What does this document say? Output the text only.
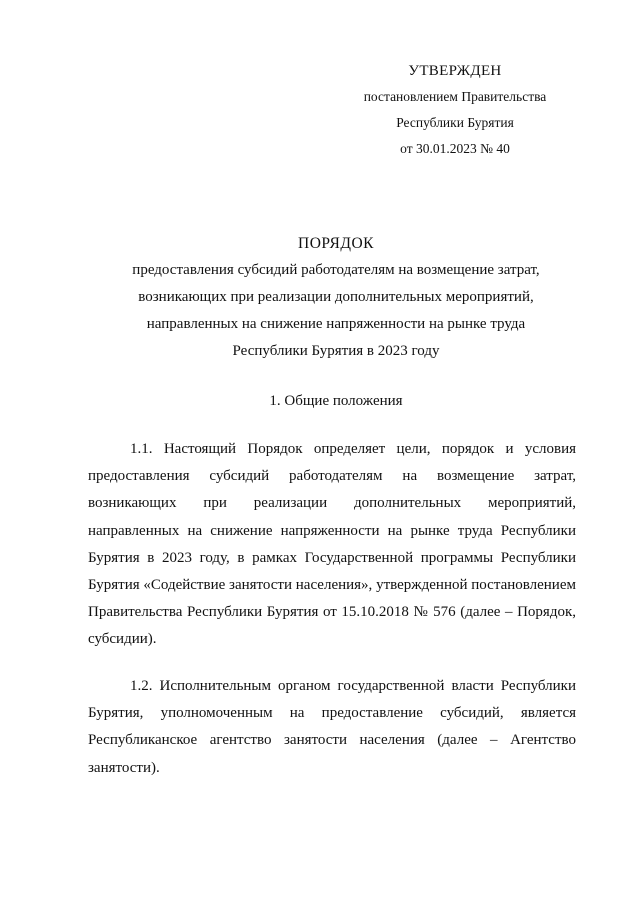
УТВЕРЖДЕН
постановлением Правительства
Республики Бурятия
от 30.01.2023 № 40
ПОРЯДОК
предоставления субсидий работодателям на возмещение затрат,
возникающих при реализации дополнительных мероприятий,
направленных на снижение напряженности на рынке труда
Республики Бурятия в 2023 году
1. Общие положения

1.1. Настоящий Порядок определяет цели, порядок и условия предоставления субсидий работодателям на возмещение затрат, возникающих при реализации дополнительных мероприятий, направленных на снижение напряженности на рынке труда Республики Бурятия в 2023 году, в рамках Государственной программы Республики Бурятия «Содействие занятости населения», утвержденной постановлением Правительства Республики Бурятия от 15.10.2018 № 576 (далее – Порядок, субсидии).

1.2. Исполнительным органом государственной власти Республики Бурятия, уполномоченным на предоставление субсидий, является Республиканское агентство занятости населения (далее – Агентство занятости).
